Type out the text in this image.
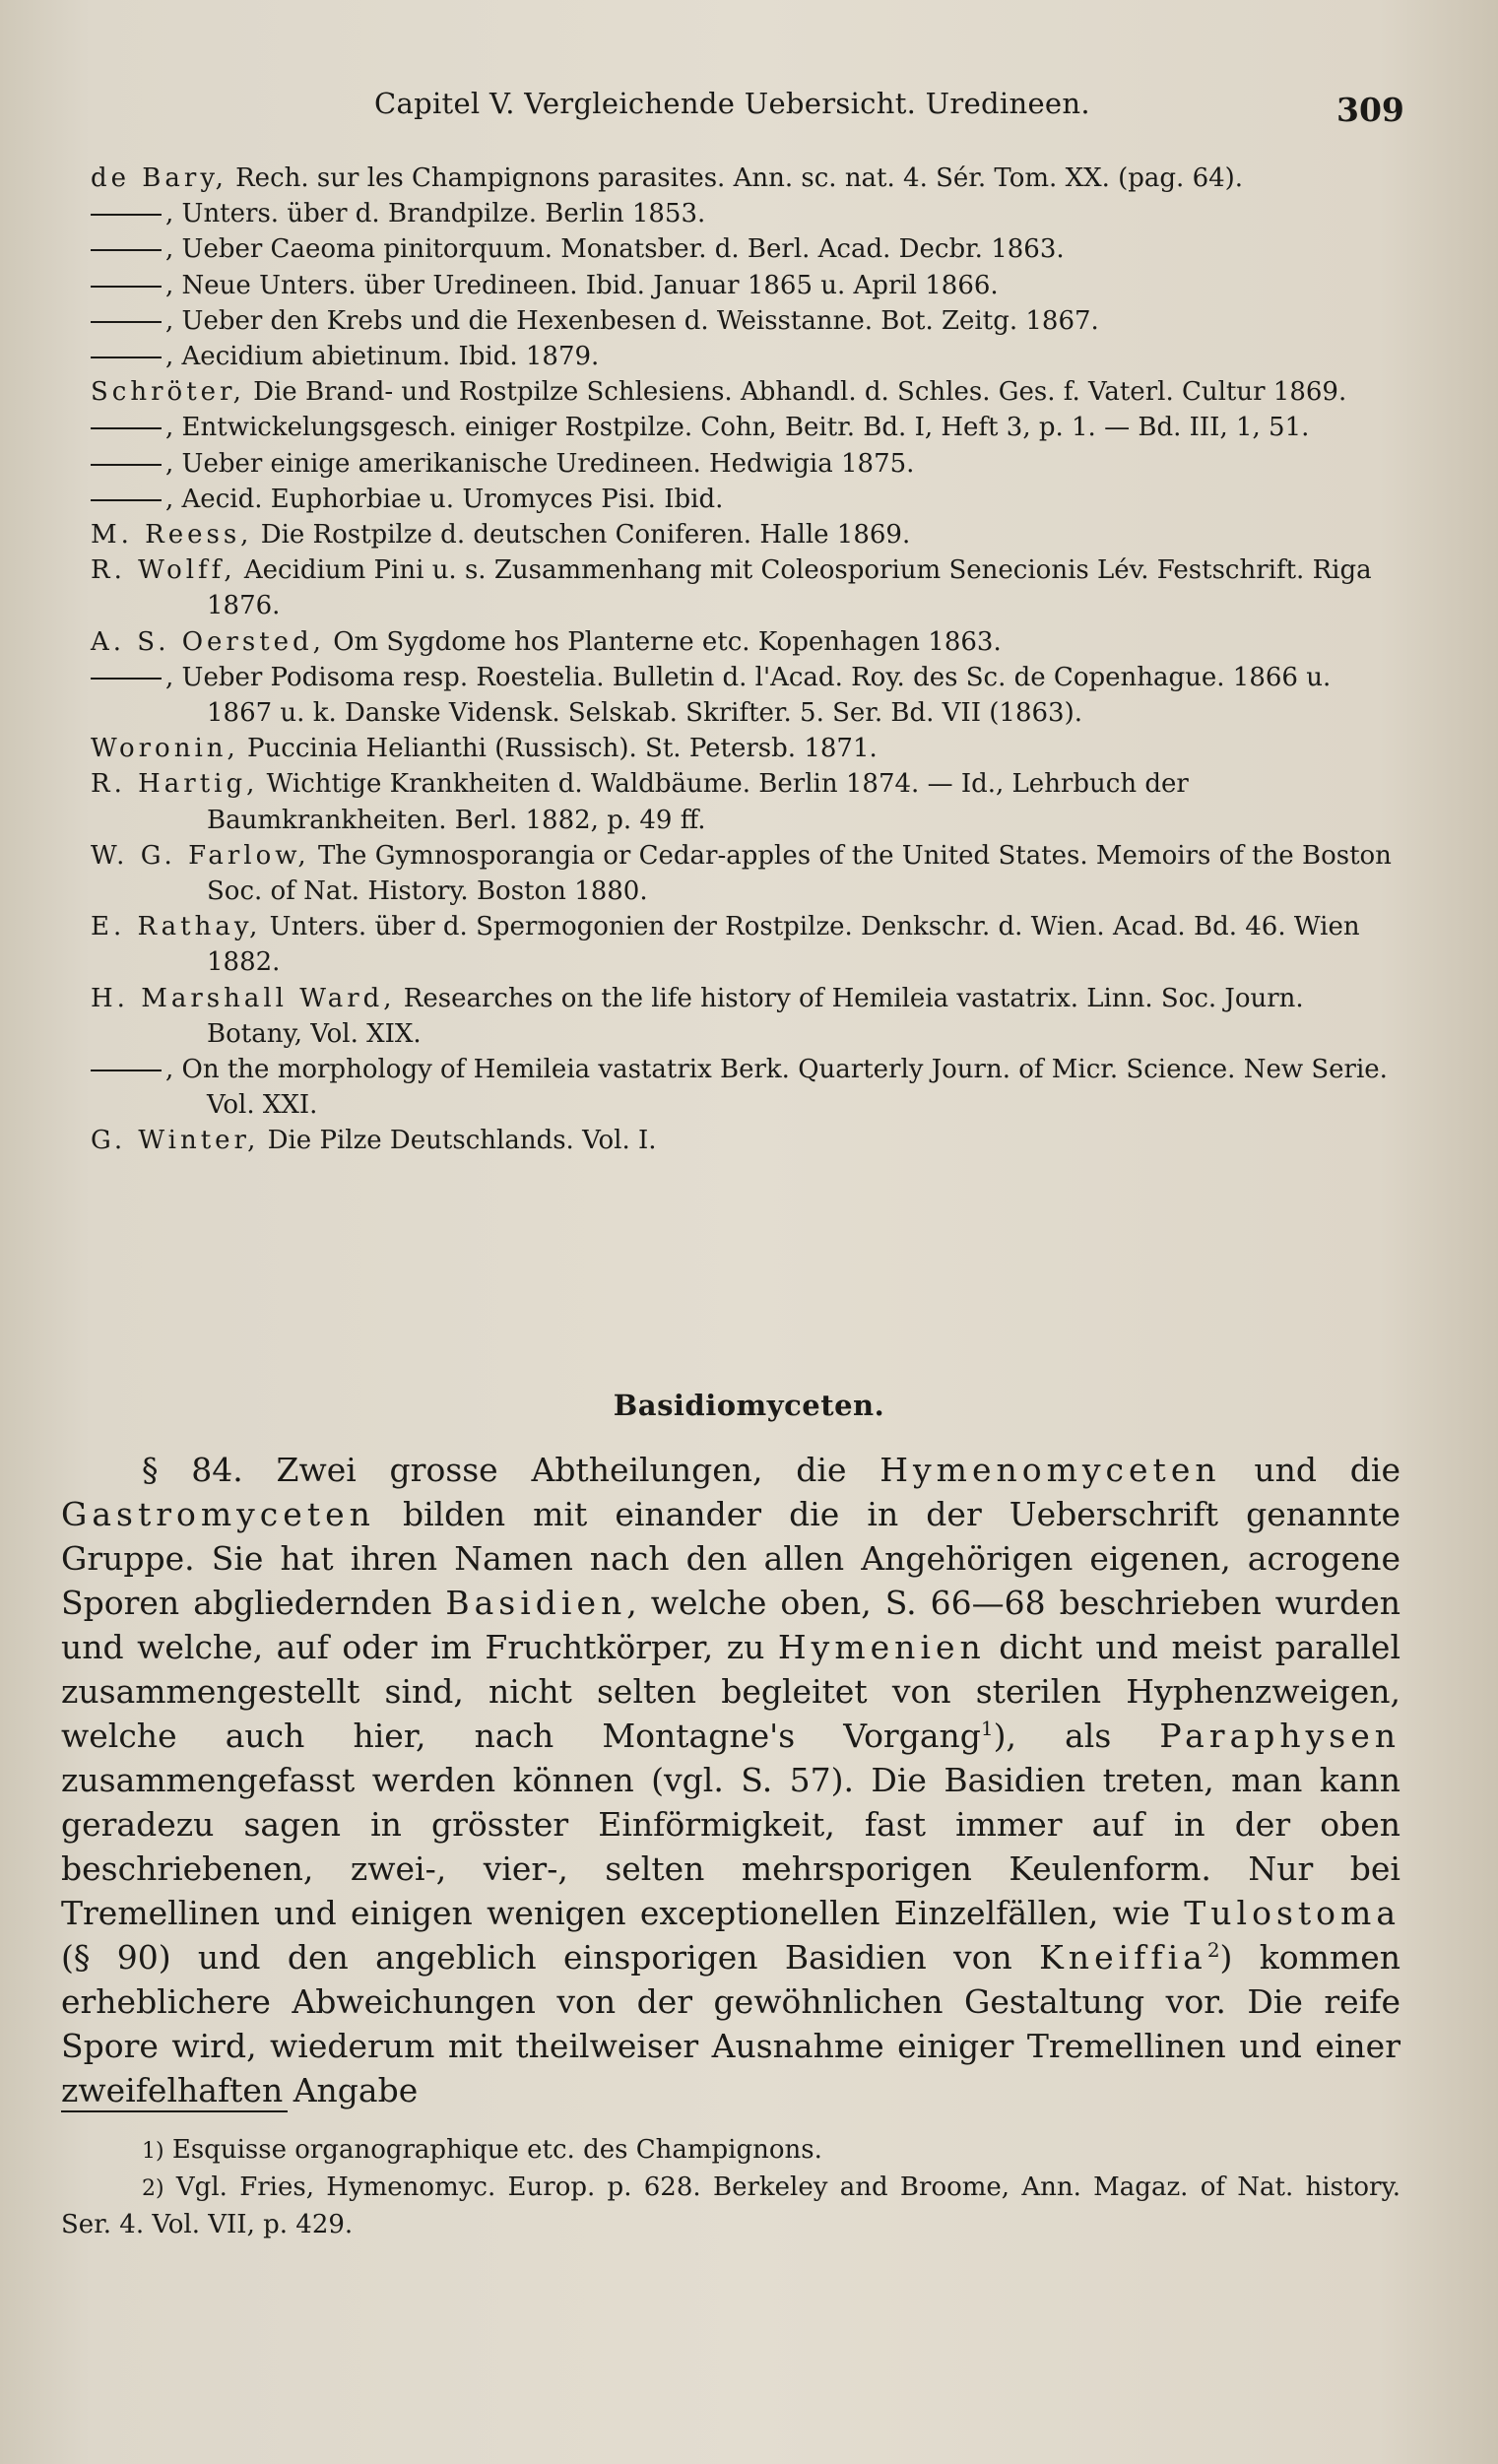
Capitel V. Vergleichende Uebersicht. Uredineen.	309

de Bary, Rech. sur les Champignons parasites. Ann. sc. nat. 4. Sér. Tom. XX. (pag. 64).

, Unters. über d. Brandpilze. Berlin 1853.

, Ueber Caeoma pinitorquum. Monatsber. d. Berl. Acad. Decbr. 1863.

, Neue Unters. über Uredineen. Ibid. Januar 1865 u. April 1866.

, Ueber den Krebs und die Hexenbesen d. Weisstanne. Bot. Zeitg. 1867.

, Aecidium abietinum. Ibid. 1879.

Schröter, Die Brand- und Rostpilze Schlesiens. Abhandl. d. Schles. Ges. f. Vaterl. Cultur 1869.

, Entwickelungsgesch. einiger Rostpilze. Cohn, Beitr. Bd. I, Heft 3, p. 1. — Bd. III, 1, 51.

, Ueber einige amerikanische Uredineen. Hedwigia 1875.

, Aecid. Euphorbiae u. Uromyces Pisi. Ibid.

M. Reess, Die Rostpilze d. deutschen Coniferen. Halle 1869.

R. Wolff, Aecidium Pini u. s. Zusammenhang mit Coleosporium Senecionis Lév. Festschrift. Riga 1876.

A. S. Oersted, Om Sygdome hos Planterne etc. Kopenhagen 1863.

, Ueber Podisoma resp. Roestelia. Bulletin d. l'Acad. Roy. des Sc. de Copenhague. 1866 u. 1867 u. k. Danske Vidensk. Selskab. Skrifter. 5. Ser. Bd. VII (1863).

Woronin, Puccinia Helianthi (Russisch). St. Petersb. 1871.

R. Hartig, Wichtige Krankheiten d. Waldbäume. Berlin 1874. — Id., Lehrbuch der Baumkrankheiten. Berl. 1882, p. 49 ff.

W. G. Farlow, The Gymnosporangia or Cedar-apples of the United States. Memoirs of the Boston Soc. of Nat. History. Boston 1880.

E. Rathay, Unters. über d. Spermogonien der Rostpilze. Denkschr. d. Wien. Acad. Bd. 46. Wien 1882.

H. Marshall Ward, Researches on the life history of Hemileia vastatrix. Linn. Soc. Journ. Botany, Vol. XIX.

, On the morphology of Hemileia vastatrix Berk. Quarterly Journ. of Micr. Science. New Serie. Vol. XXI.

G. Winter, Die Pilze Deutschlands. Vol. I.

Basidiomyceten.

§ 84. Zwei grosse Abtheilungen, die Hymenomyceten und die Gastromyceten bilden mit einander die in der Ueberschrift genannte Gruppe. Sie hat ihren Namen nach den allen Angehörigen eigenen, acrogene Sporen abgliedernden Basidien, welche oben, S. 66—68 beschrieben wurden und welche, auf oder im Fruchtkörper, zu Hymenien dicht und meist parallel zusammengestellt sind, nicht selten begleitet von sterilen Hyphenzweigen, welche auch hier, nach Montagne's Vorgang$^1$), als Paraphysen zusammengefasst werden können (vgl. S. 57). Die Basidien treten, man kann geradezu sagen in grösster Einförmigkeit, fast immer auf in der oben beschriebenen, zwei-, vier-, selten mehrsporigen Keulenform. Nur bei Tremellinen und einigen wenigen exceptionellen Einzelfällen, wie Tulostoma (§ 90) und den angeblich einsporigen Basidien von Kneiffia$^2$) kommen erheblichere Abweichungen von der gewöhnlichen Gestaltung vor. Die reife Spore wird, wiederum mit theilweiser Ausnahme einiger Tremellinen und einer zweifelhaften Angabe

1) Esquisse organographique etc. des Champignons.

2) Vgl. Fries, Hymenomyc. Europ. p. 628. Berkeley and Broome, Ann. Magaz. of Nat. history. Ser. 4. Vol. VII, p. 429.
